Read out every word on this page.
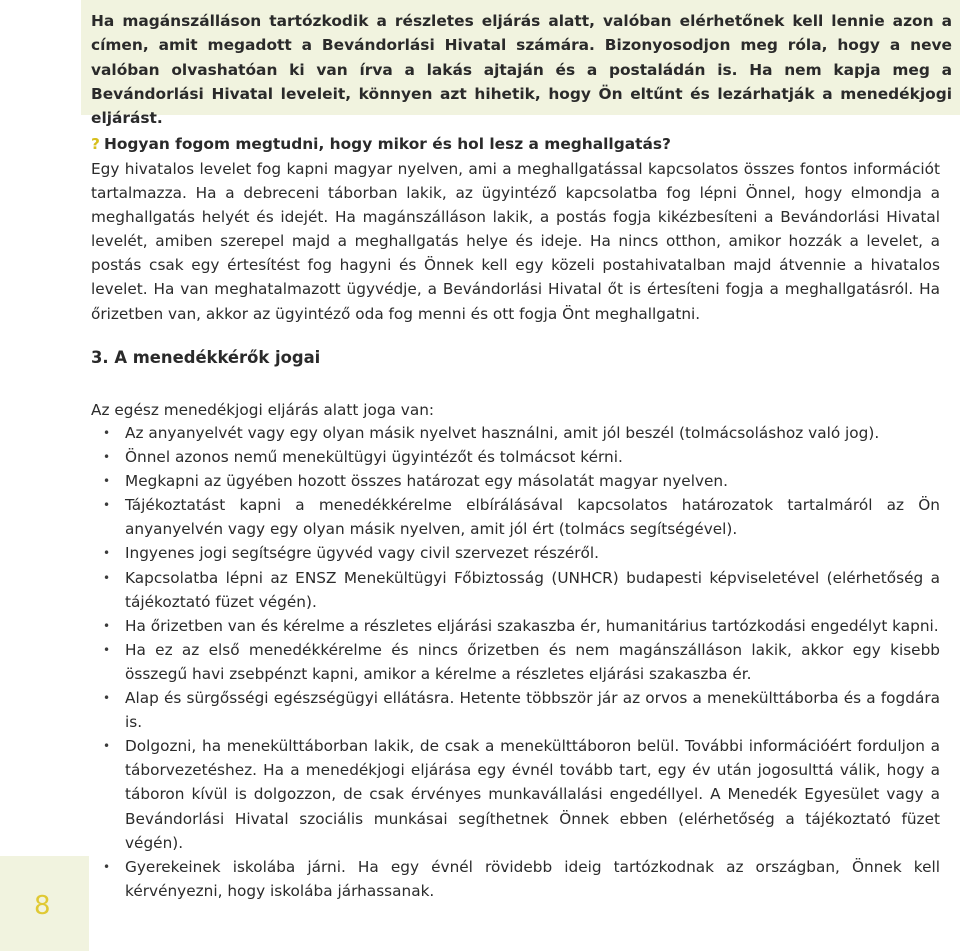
Ha magánszálláson tartózkodik a részletes eljárás alatt, valóban elérhetőnek kell lennie azon a címen, amit megadott a Bevándorlási Hivatal számára. Bizonyosodjon meg róla, hogy a neve valóban olvashatóan ki van írva a lakás ajtaján és a postaládán is. Ha nem kapja meg a Bevándorlási Hivatal leveleit, könnyen azt hihetik, hogy Ön eltűnt és lezárhatják a menedékjogi eljárást.

? Hogyan fogom megtudni, hogy mikor és hol lesz a meghallgatás?

Egy hivatalos levelet fog kapni magyar nyelven, ami a meghallgatással kapcsolatos összes fontos információt tartalmazza. Ha a debreceni táborban lakik, az ügyintéző kapcsolatba fog lépni Önnel, hogy elmondja a meghallgatás helyét és idejét. Ha magánszálláson lakik, a postás fogja kikézbesíteni a Bevándorlási Hivatal levelét, amiben szerepel majd a meghallgatás helye és ideje. Ha nincs otthon, amikor hozzák a levelet, a postás csak egy értesítést fog hagyni és Önnek kell egy közeli postahivatalban majd átvennie a hivatalos levelet. Ha van meghatalmazott ügyvédje, a Bevándorlási Hivatal őt is értesíteni fogja a meghallgatásról. Ha őrizetben van, akkor az ügyintéző oda fog menni és ott fogja Önt meghallgatni.

3. A menedékkérők jogai

Az egész menedékjogi eljárás alatt joga van:

• Az anyanyelvét vagy egy olyan másik nyelvet használni, amit jól beszél (tolmácsoláshoz való jog).
• Önnel azonos nemű menekültügyi ügyintézőt és tolmácsot kérni.
• Megkapni az ügyében hozott összes határozat egy másolatát magyar nyelven.
• Tájékoztatást kapni a menedékkérelme elbírálásával kapcsolatos határozatok tartalmáról az Ön anyanyelvén vagy egy olyan másik nyelven, amit jól ért (tolmács segítségével).
• Ingyenes jogi segítségre ügyvéd vagy civil szervezet részéről.
• Kapcsolatba lépni az ENSZ Menekültügyi Főbiztosság (UNHCR) budapesti képviseletével (elérhetőség a tájékoztató füzet végén).
• Ha őrizetben van és kérelme a részletes eljárási szakaszba ér, humanitárius tartózkodási engedélyt kapni.
• Ha ez az első menedékkérelme és nincs őrizetben és nem magánszálláson lakik, akkor egy kisebb összegű havi zsebpénzt kapni, amikor a kérelme a részletes eljárási szakaszba ér.
• Alap és sürgősségi egészségügyi ellátásra. Hetente többször jár az orvos a menekülttáborba és a fogdára is.
• Dolgozni, ha menekülttáborban lakik, de csak a menekülttáboron belül. További információért forduljon a táborvezetéshez. Ha a menedékjogi eljárása egy évnél tovább tart, egy év után jogosulttá válik, hogy a táboron kívül is dolgozzon, de csak érvényes munkavállalási engedéllyel. A Menedék Egyesület vagy a Bevándorlási Hivatal szociális munkásai segíthetnek Önnek ebben (elérhetőség a tájékoztató füzet végén).
• Gyerekeinek iskolába járni. Ha egy évnél rövidebb ideig tartózkodnak az országban, Önnek kell kérvényezni, hogy iskolába járhassanak.
8
